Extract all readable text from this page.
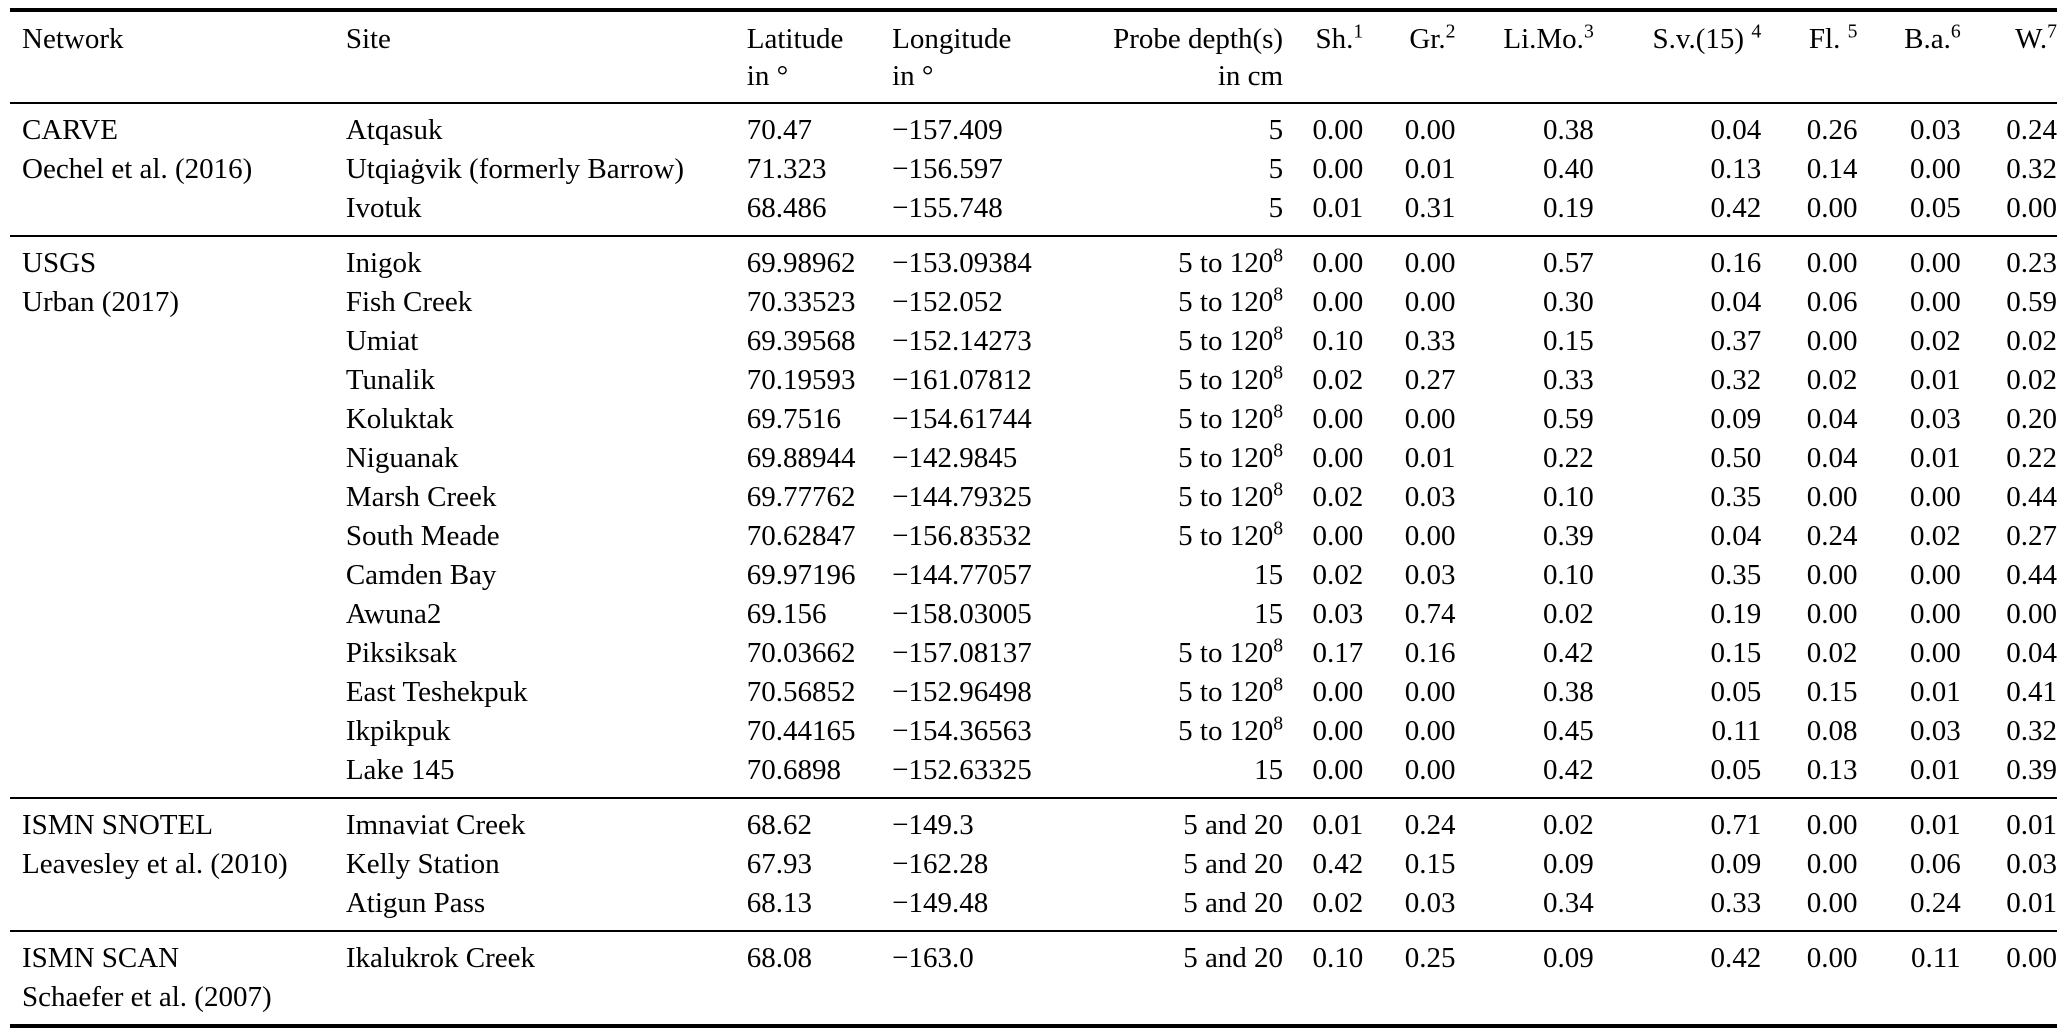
Network	Site	Latitude	Longitude	Probe depth(s)	Sh.$^1$	Gr.$^2$	Li.Mo.$^3$	S.v.(15) $^4$	Fl. $^5$	B.a.$^6$	W.$^7$
		in °	in °	in cm							
CARVE	Atqasuk	70.47	−157.409	5	0.00	0.00	0.38	0.04	0.26	0.03	0.24
Oechel et al. (2016)	Utqiaġvik (formerly Barrow)	71.323	−156.597	5	0.00	0.01	0.40	0.13	0.14	0.00	0.32
	Ivotuk	68.486	−155.748	5	0.01	0.31	0.19	0.42	0.00	0.05	0.00
USGS	Inigok	69.98962	−153.09384	5 to $120^8$	0.00	0.00	0.57	0.16	0.00	0.00	0.23
Urban (2017)	Fish Creek	70.33523	−152.052	5 to $120^8$	0.00	0.00	0.30	0.04	0.06	0.00	0.59
	Umiat	69.39568	−152.14273	5 to $120^8$	0.10	0.33	0.15	0.37	0.00	0.02	0.02
	Tunalik	70.19593	−161.07812	5 to $120^8$	0.02	0.27	0.33	0.32	0.02	0.01	0.02
	Koluktak	69.7516	−154.61744	5 to $120^8$	0.00	0.00	0.59	0.09	0.04	0.03	0.20
	Niguanak	69.88944	−142.9845	5 to $120^8$	0.00	0.01	0.22	0.50	0.04	0.01	0.22
	Marsh Creek	69.77762	−144.79325	5 to $120^8$	0.02	0.03	0.10	0.35	0.00	0.00	0.44
	South Meade	70.62847	−156.83532	5 to $120^8$	0.00	0.00	0.39	0.04	0.24	0.02	0.27
	Camden Bay	69.97196	−144.77057	15	0.02	0.03	0.10	0.35	0.00	0.00	0.44
	Awuna2	69.156	−158.03005	15	0.03	0.74	0.02	0.19	0.00	0.00	0.00
	Piksiksak	70.03662	−157.08137	5 to $120^8$	0.17	0.16	0.42	0.15	0.02	0.00	0.04
	East Teshekpuk	70.56852	−152.96498	5 to $120^8$	0.00	0.00	0.38	0.05	0.15	0.01	0.41
	Ikpikpuk	70.44165	−154.36563	5 to $120^8$	0.00	0.00	0.45	0.11	0.08	0.03	0.32
	Lake 145	70.6898	−152.63325	15	0.00	0.00	0.42	0.05	0.13	0.01	0.39
ISMN SNOTEL	Imnaviat Creek	68.62	−149.3	5 and 20	0.01	0.24	0.02	0.71	0.00	0.01	0.01
Leavesley et al. (2010)	Kelly Station	67.93	−162.28	5 and 20	0.42	0.15	0.09	0.09	0.00	0.06	0.03
	Atigun Pass	68.13	−149.48	5 and 20	0.02	0.03	0.34	0.33	0.00	0.24	0.01
ISMN SCAN	Ikalukrok Creek	68.08	−163.0	5 and 20	0.10	0.25	0.09	0.42	0.00	0.11	0.00
Schaefer et al. (2007)											
